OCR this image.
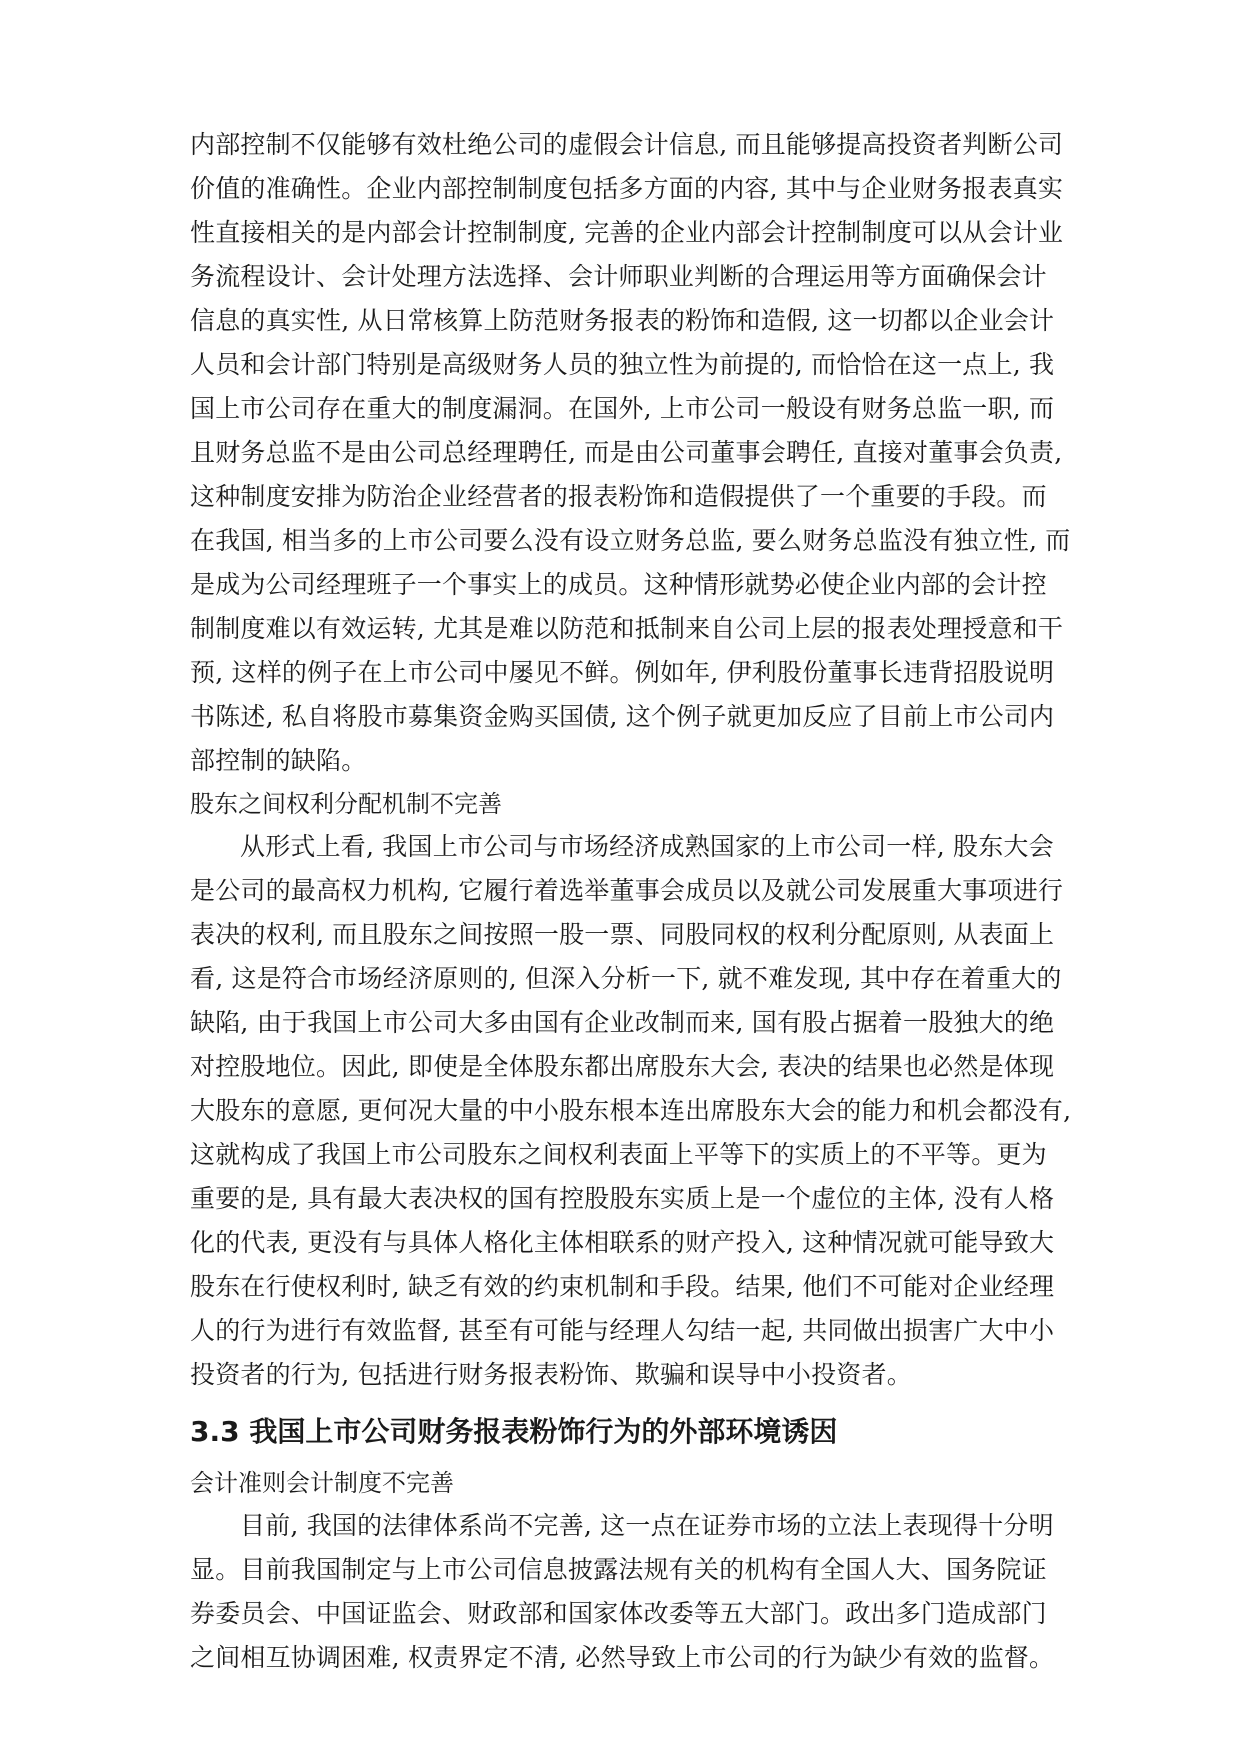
内部控制不仅能够有效杜绝公司的虚假会计信息, 而且能够提高投资者判断公司
价值的准确性。企业内部控制制度包括多方面的内容, 其中与企业财务报表真实
性直接相关的是内部会计控制制度, 完善的企业内部会计控制制度可以从会计业
务流程设计、会计处理方法选择、会计师职业判断的合理运用等方面确保会计
信息的真实性, 从日常核算上防范财务报表的粉饰和造假, 这一切都以企业会计
人员和会计部门特别是高级财务人员的独立性为前提的, 而恰恰在这一点上, 我
国上市公司存在重大的制度漏洞。在国外, 上市公司一般设有财务总监一职, 而
且财务总监不是由公司总经理聘任, 而是由公司董事会聘任, 直接对董事会负责,
这种制度安排为防治企业经营者的报表粉饰和造假提供了一个重要的手段。而
在我国, 相当多的上市公司要么没有设立财务总监, 要么财务总监没有独立性, 而
是成为公司经理班子一个事实上的成员。这种情形就势必使企业内部的会计控
制制度难以有效运转, 尤其是难以防范和抵制来自公司上层的报表处理授意和干
预, 这样的例子在上市公司中屡见不鲜。例如年, 伊利股份董事长违背招股说明
书陈述, 私自将股市募集资金购买国债, 这个例子就更加反应了目前上市公司内
部控制的缺陷。
股东之间权利分配机制不完善
从形式上看, 我国上市公司与市场经济成熟国家的上市公司一样, 股东大会
是公司的最高权力机构, 它履行着选举董事会成员以及就公司发展重大事项进行
表决的权利, 而且股东之间按照一股一票、同股同权的权利分配原则, 从表面上
看, 这是符合市场经济原则的, 但深入分析一下, 就不难发现, 其中存在着重大的
缺陷, 由于我国上市公司大多由国有企业改制而来, 国有股占据着一股独大的绝
对控股地位。因此, 即使是全体股东都出席股东大会, 表决的结果也必然是体现
大股东的意愿, 更何况大量的中小股东根本连出席股东大会的能力和机会都没有,
这就构成了我国上市公司股东之间权利表面上平等下的实质上的不平等。更为
重要的是, 具有最大表决权的国有控股股东实质上是一个虚位的主体, 没有人格
化的代表, 更没有与具体人格化主体相联系的财产投入, 这种情况就可能导致大
股东在行使权利时, 缺乏有效的约束机制和手段。结果, 他们不可能对企业经理
人的行为进行有效监督, 甚至有可能与经理人勾结一起, 共同做出损害广大中小
投资者的行为, 包括进行财务报表粉饰、欺骗和误导中小投资者。
3.3 我国上市公司财务报表粉饰行为的外部环境诱因
会计准则会计制度不完善
目前, 我国的法律体系尚不完善, 这一点在证券市场的立法上表现得十分明
显。目前我国制定与上市公司信息披露法规有关的机构有全国人大、国务院证
券委员会、中国证监会、财政部和国家体改委等五大部门。政出多门造成部门
之间相互协调困难, 权责界定不清, 必然导致上市公司的行为缺少有效的监督。
